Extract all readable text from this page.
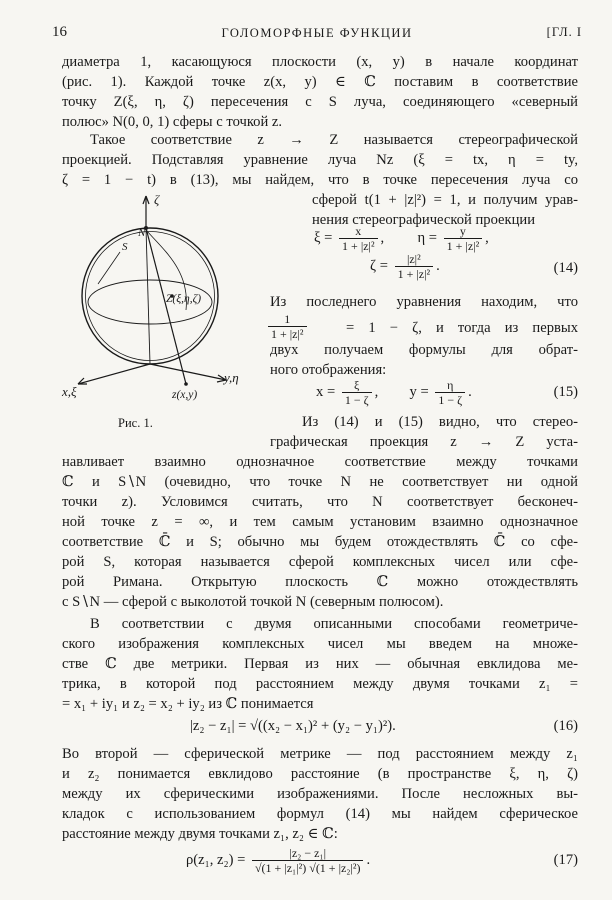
16	ГОЛОМОРФНЫЕ ФУНКЦИИ	[ГЛ. I
диаметра 1, касающуюся плоскости (x, y) в начале координат
(рис. 1). Каждой точке z(x, y) ∈ ℂ поставим в соответствие
точку Z(ξ, η, ζ) пересечения с S луча, соединяющего «северный
полюс» N(0, 0, 1) сферы с точкой z.
Такое соответствие z → Z называется стереографической
проекцией. Подставляя уравнение луча Nz (ξ = tx, η = ty,
ζ = 1 − t) в (13), мы найдем, что в точке пересечения луча со
сферой t(1 + |z|²) = 1, и получим урав-
нения стереографической проекции
ζ
N
S
Z(ξ,η,ζ)
z(x,y)
x,ξ
y,η
Рис. 1.
$\xi = \frac{x}{\text{1 + |z|²}}$ ,  $\eta = \frac{y}{\text{1 + |z|²}}$ ,
$\zeta = \frac{\text{|z|²}}{\text{1 + |z|²}}$ .	(14)
Из последнего уравнения находим, что
$\frac{1}{\text{1 + |z|²}}$	= 1 − ζ, и тогда из первых
двух получаем формулы для обрат-
ного отображения:
$x = \frac{\xi}{1 - \zeta}$ ,  $y = \frac{\eta}{1 - \zeta}$ .	(15)
Из (14) и (15) видно, что стерео-
графическая проекция z → Z уста-
навливает взаимно однозначное соответствие между точками
ℂ и S∖N (очевидно, что точке N не соответствует ни одной
точки z). Условимся считать, что N соответствует бесконеч-
ной точке z = ∞, и тем самым установим взаимно однозначное
соответствие ℂ̄ и S; обычно мы будем отождествлять ℂ̄ со сфе-
рой S, которая называется сферой комплексных чисел или сфе-
рой Римана. Открытую плоскость ℂ можно отождествлять
с S∖N — сферой с выколотой точкой N (северным полюсом).
В соответствии с двумя описанными способами геометриче-
ского изображения комплексных чисел мы введем на множе-
стве ℂ две метрики. Первая из них — обычная евклидова ме-
трика, в которой под расстоянием между двумя точками z₁ =
= x₁ + iy₁ и z₂ = x₂ + iy₂ из ℂ понимается
|z₂ − z₁| = √((x₂ − x₁)² + (y₂ − y₁)²).	(16)
Во второй — сферической метрике — под расстоянием между z₁
и z₂ понимается евклидово расстояние (в пространстве ξ, η, ζ)
между их сферическими изображениями. После несложных вы-
кладок с использованием формул (14) мы найдем сферическое
расстояние между двумя точками z₁, z₂ ∈ ℂ:
ρ(z₁, $z_2) = \frac{\text{|z₂ − z₁|}}{\text{√(1 + |z₁|²) √(1 + |z₂|²)}}$ .	(17)
